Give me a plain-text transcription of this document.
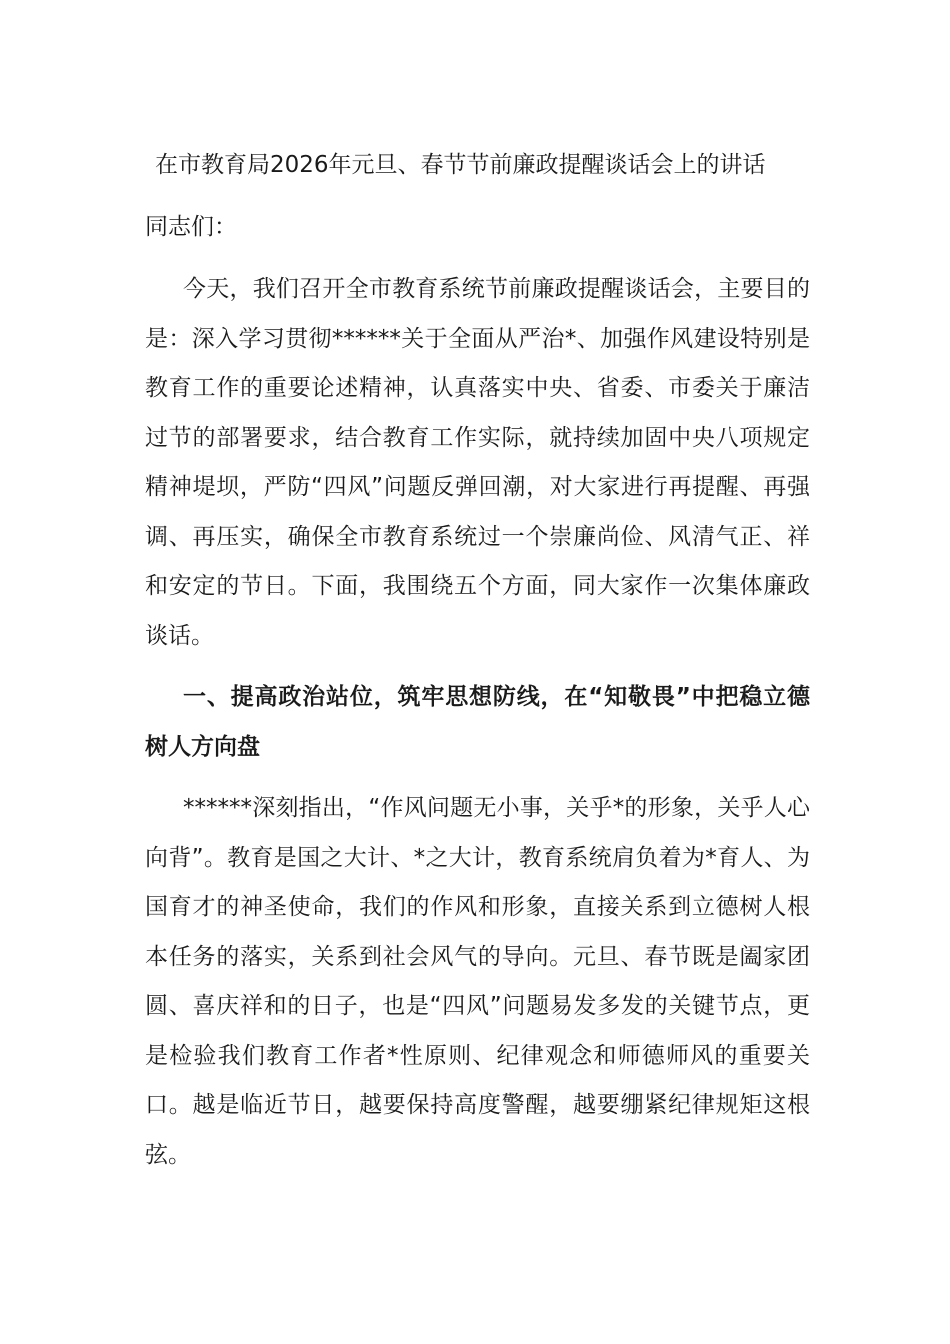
在市教育局2026年元旦、春节节前廉政提醒谈话会上的讲话

同志们：

今天，我们召开全市教育系统节前廉政提醒谈话会，主要目的是：深入学习贯彻******关于全面从严治*、加强作风建设特别是教育工作的重要论述精神，认真落实中央、省委、市委关于廉洁过节的部署要求，结合教育工作实际，就持续加固中央八项规定精神堤坝，严防“四风”问题反弹回潮，对大家进行再提醒、再强调、再压实，确保全市教育系统过一个崇廉尚俭、风清气正、祥和安定的节日。下面，我围绕五个方面，同大家作一次集体廉政谈话。

一、提高政治站位，筑牢思想防线，在“知敬畏”中把稳立德树人方向盘

******深刻指出，“作风问题无小事，关乎*的形象，关乎人心向背”。教育是国之大计、*之大计，教育系统肩负着为*育人、为国育才的神圣使命，我们的作风和形象，直接关系到立德树人根本任务的落实，关系到社会风气的导向。元旦、春节既是阖家团圆、喜庆祥和的日子，也是“四风”问题易发多发的关键节点，更是检验我们教育工作者*性原则、纪律观念和师德师风的重要关口。越是临近节日，越要保持高度警醒，越要绷紧纪律规矩这根弦。
